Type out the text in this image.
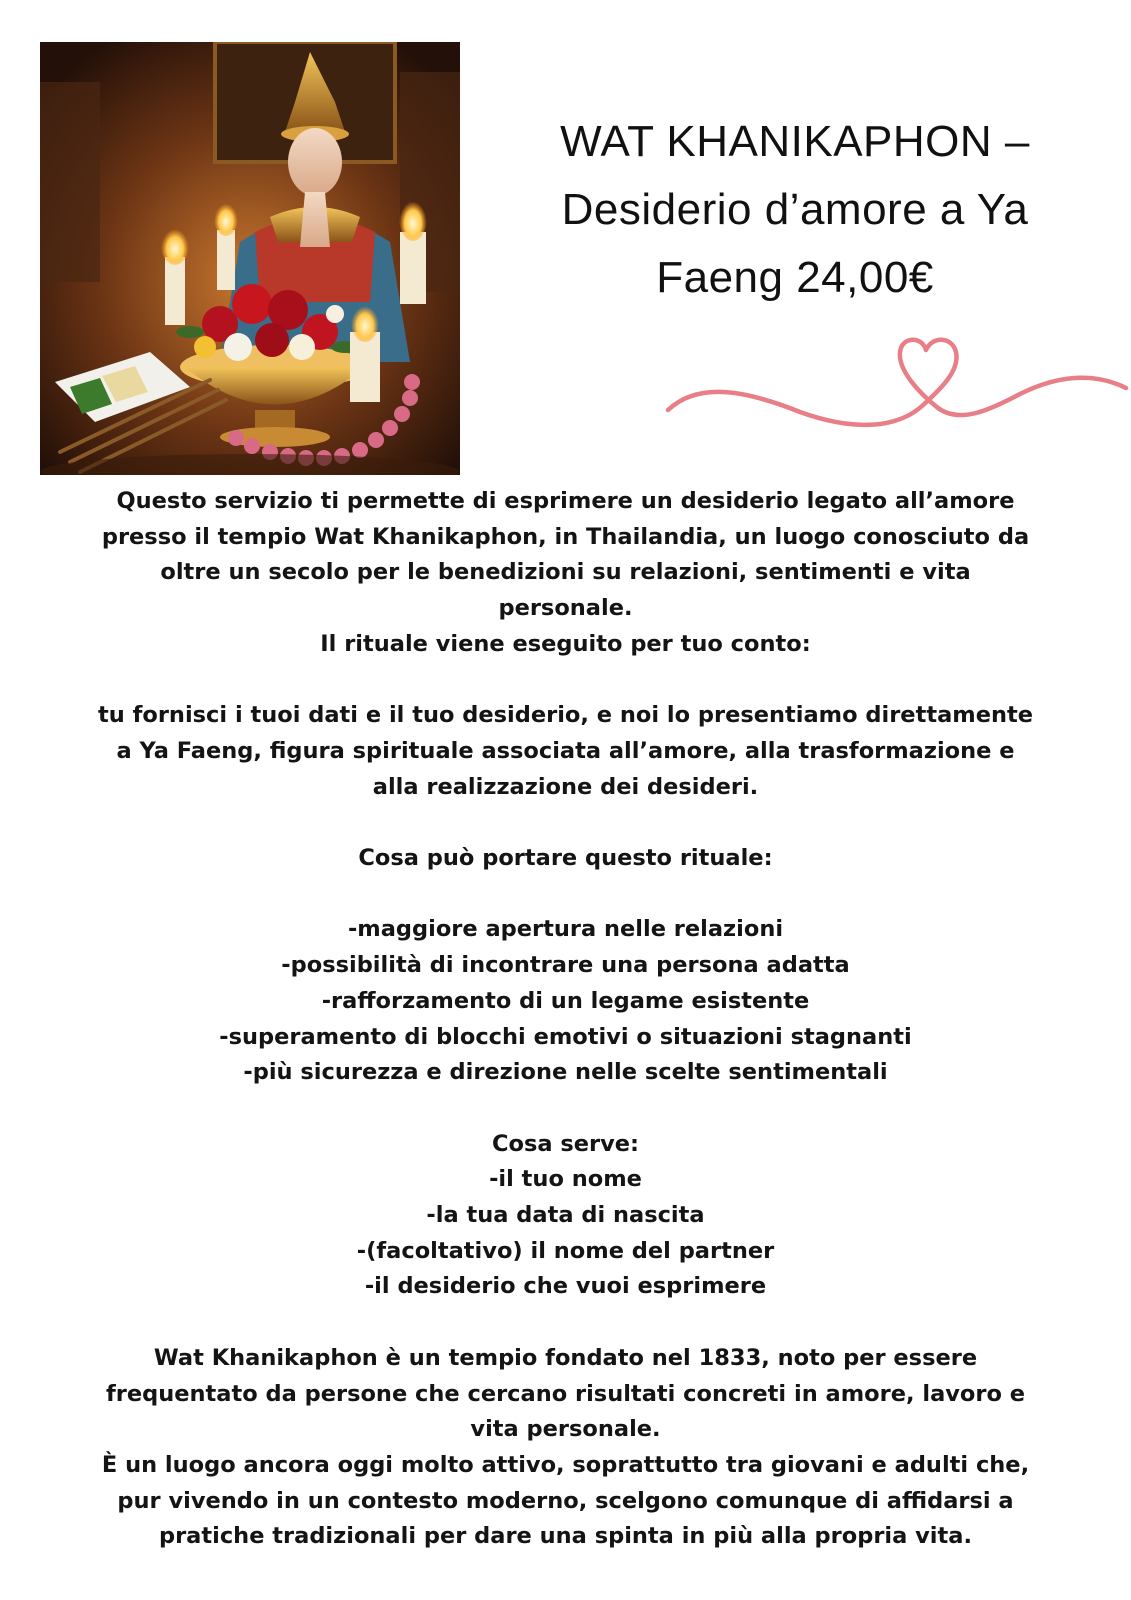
WAT KHANIKAPHON –
Desiderio d’amore a Ya
Faeng 24,00€
Questo servizio ti permette di esprimere un desiderio legato all’amore
presso il tempio Wat Khanikaphon, in Thailandia, un luogo conosciuto da
oltre un secolo per le benedizioni su relazioni, sentimenti e vita
personale.
Il rituale viene eseguito per tuo conto:
tu fornisci i tuoi dati e il tuo desiderio, e noi lo presentiamo direttamente
a Ya Faeng, figura spirituale associata all’amore, alla trasformazione e
alla realizzazione dei desideri.
Cosa può portare questo rituale:
-maggiore apertura nelle relazioni
-possibilità di incontrare una persona adatta
-rafforzamento di un legame esistente
-superamento di blocchi emotivi o situazioni stagnanti
-più sicurezza e direzione nelle scelte sentimentali
Cosa serve:
-il tuo nome
-la tua data di nascita
-(facoltativo) il nome del partner
-il desiderio che vuoi esprimere
Wat Khanikaphon è un tempio fondato nel 1833, noto per essere
frequentato da persone che cercano risultati concreti in amore, lavoro e
vita personale.
È un luogo ancora oggi molto attivo, soprattutto tra giovani e adulti che,
pur vivendo in un contesto moderno, scelgono comunque di affidarsi a
pratiche tradizionali per dare una spinta in più alla propria vita.
